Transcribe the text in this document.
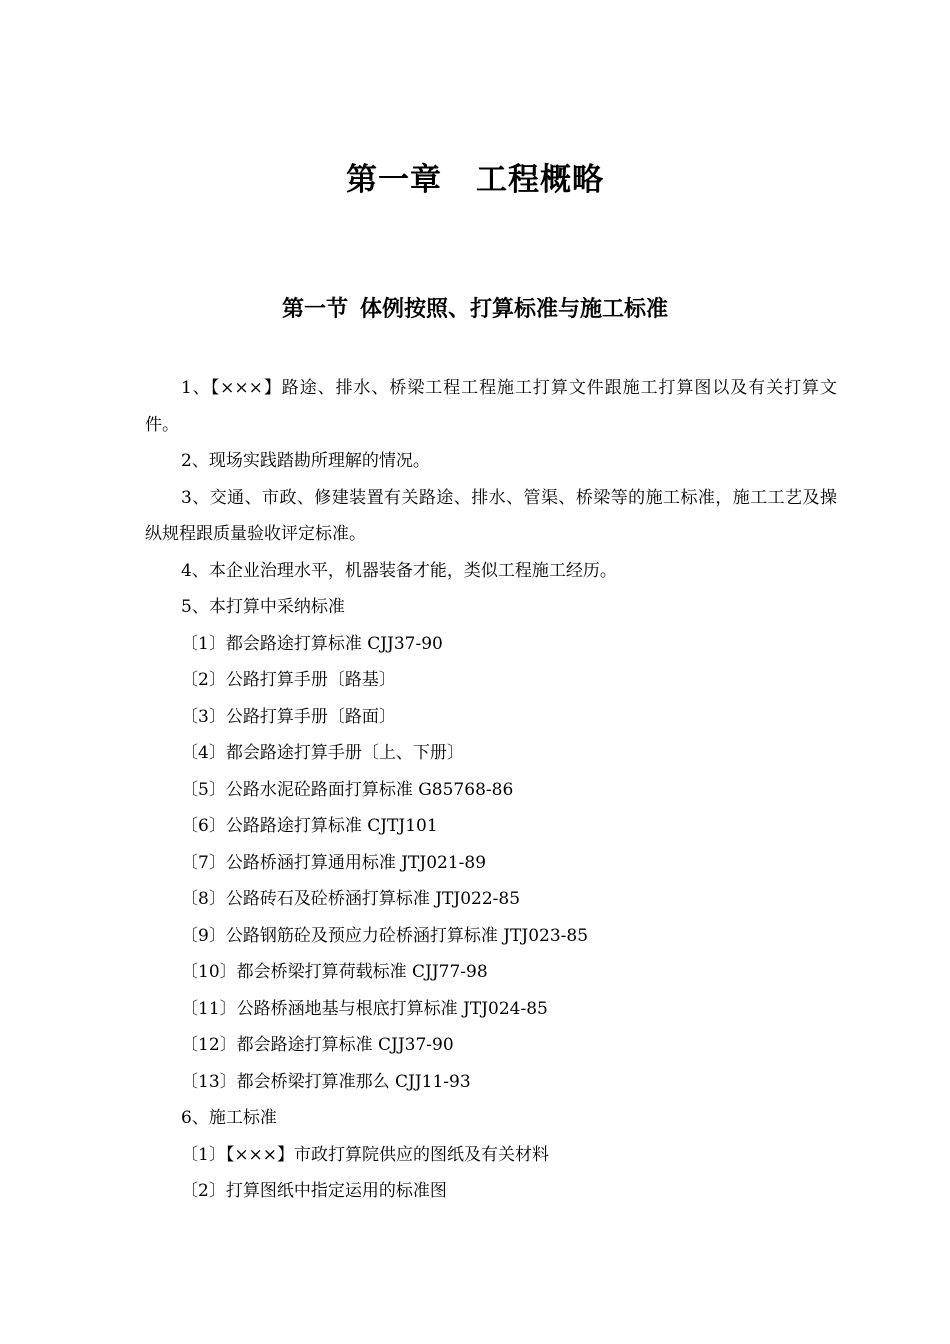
第一章 工程概略
第一节 体例按照、打算标准与施工标准

1、【×××】路途、排水、桥梁工程工程施工打算文件跟施工打算图以及有关打算文件。

2、现场实践踏勘所理解的情况。

3、交通、市政、修建装置有关路途、排水、管渠、桥梁等的施工标准，施工工艺及操纵规程跟质量验收评定标准。

4、本企业治理水平，机器装备才能，类似工程施工经历。

5、本打算中采纳标准

〔1〕都会路途打算标准 CJJ37-90

〔2〕公路打算手册〔路基〕

〔3〕公路打算手册〔路面〕

〔4〕都会路途打算手册〔上、下册〕

〔5〕公路水泥砼路面打算标准 G85768-86

〔6〕公路路途打算标准 CJTJ101

〔7〕公路桥涵打算通用标准 JTJ021-89

〔8〕公路砖石及砼桥涵打算标准 JTJ022-85

〔9〕公路钢筋砼及预应力砼桥涵打算标准 JTJ023-85

〔10〕都会桥梁打算荷载标准 CJJ77-98

〔11〕公路桥涵地基与根底打算标准 JTJ024-85

〔12〕都会路途打算标准 CJJ37-90

〔13〕都会桥梁打算准那么 CJJ11-93

6、施工标准

〔1〕【×××】市政打算院供应的图纸及有关材料

〔2〕打算图纸中指定运用的标准图
